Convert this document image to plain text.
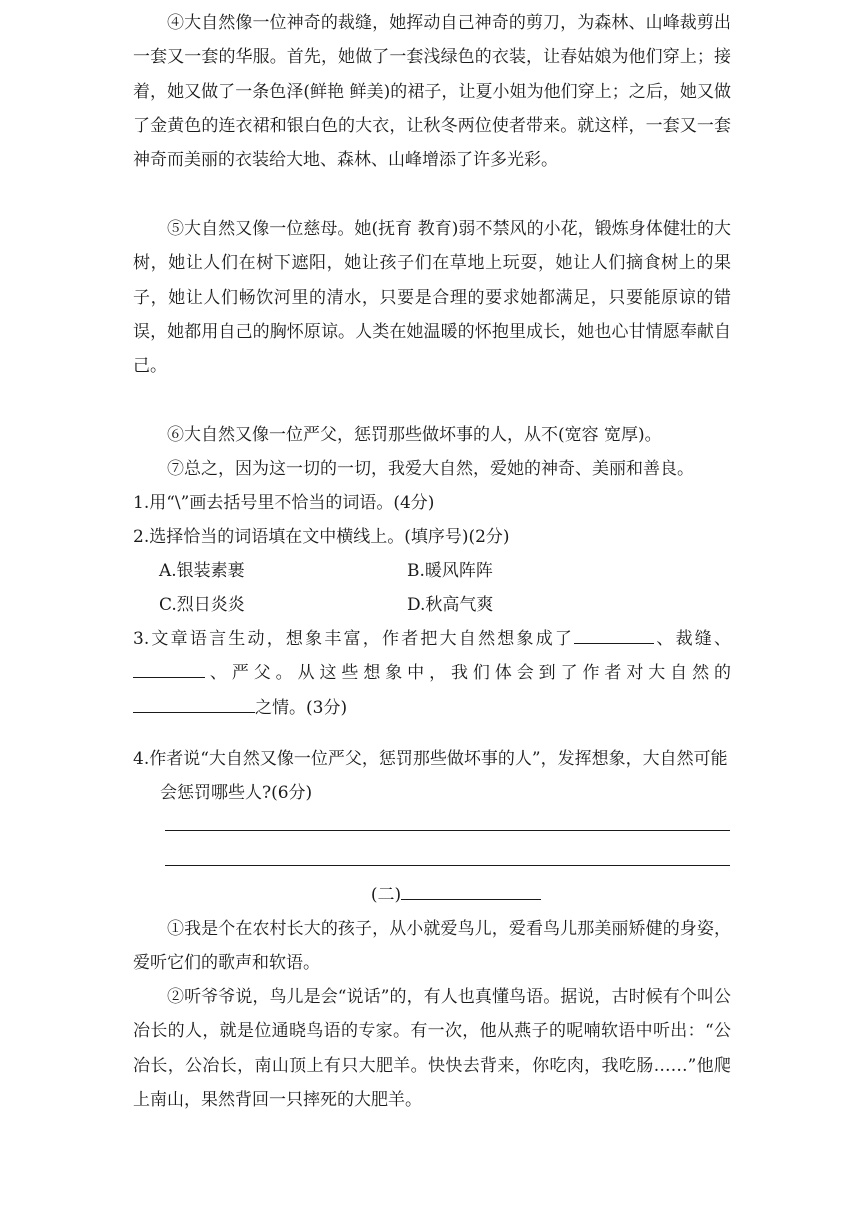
④大自然像一位神奇的裁缝，她挥动自己神奇的剪刀，为森林、山峰裁剪出一套又一套的华服。首先，她做了一套浅绿色的衣装，让春姑娘为他们穿上；接着，她又做了一条色泽(鲜艳 鲜美)的裙子，让夏小姐为他们穿上；之后，她又做了金黄色的连衣裙和银白色的大衣，让秋冬两位使者带来。就这样，一套又一套神奇而美丽的衣装给大地、森林、山峰增添了许多光彩。

⑤大自然又像一位慈母。她(抚育 教育)弱不禁风的小花，锻炼身体健壮的大树，她让人们在树下遮阳，她让孩子们在草地上玩耍，她让人们摘食树上的果子，她让人们畅饮河里的清水，只要是合理的要求她都满足，只要能原谅的错误，她都用自己的胸怀原谅。人类在她温暖的怀抱里成长，她也心甘情愿奉献自己。

⑥大自然又像一位严父，惩罚那些做坏事的人，从不(宽容 宽厚)。

⑦总之，因为这一切的一切，我爱大自然，爱她的神奇、美丽和善良。

1.用“\”画去括号里不恰当的词语。(4分)

2.选择恰当的词语填在文中横线上。(填序号)(2分)

A.银装素裹	B.暖风阵阵

C.烈日炎炎	D.秋高气爽

3.文章语言生动，想象丰富，作者把大自然想象成了	、裁缝、、严父。从这些想象中，我们体会到了作者对大自然的之情。(3分)

4.作者说“大自然又像一位严父，惩罚那些做坏事的人”，发挥想象，大自然可能会惩罚哪些人?(6分)

(二)

①我是个在农村长大的孩子，从小就爱鸟儿，爱看鸟儿那美丽矫健的身姿，爱听它们的歌声和软语。

②听爷爷说，鸟儿是会“说话”的，有人也真懂鸟语。据说，古时候有个叫公冶长的人，就是位通晓鸟语的专家。有一次，他从燕子的呢喃软语中听出：“公冶长，公冶长，南山顶上有只大肥羊。快快去背来，你吃肉，我吃肠……”他爬上南山，果然背回一只摔死的大肥羊。
